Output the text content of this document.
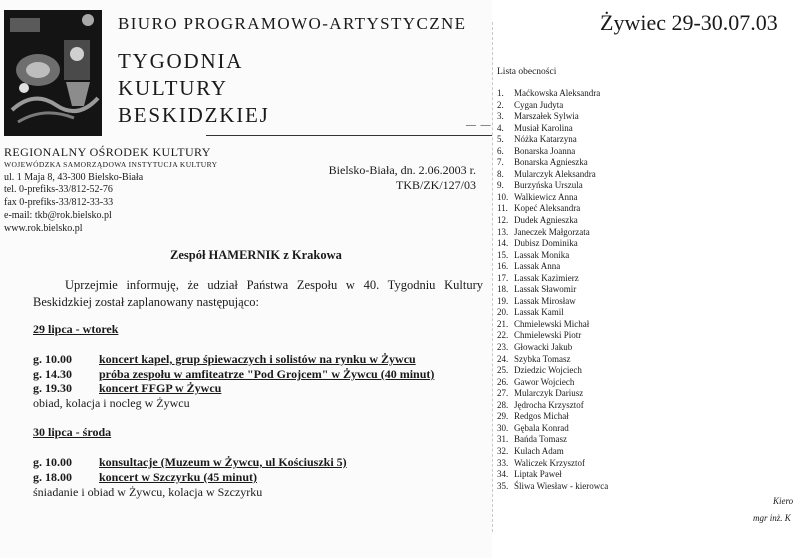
BIURO PROGRAMOWO-ARTYSTYCZNE
TYGODNIA
KULTURY
BESKIDZKIEJ	— —
REGIONALNY OŚRODEK KULTURY
WOJEWÓDZKA SAMORZĄDOWA INSTYTUCJA KULTURY
ul. 1 Maja 8, 43-300 Bielsko-Biała
tel. 0-prefiks-33/812-52-76
fax 0-prefiks-33/812-33-33
e-mail: tkb@rok.bielsko.pl
www.rok.bielsko.pl
Bielsko-Biała, dn. 2.06.2003 r.
TKB/ZK/127/03
Zespół HAMERNIK z Krakowa
Uprzejmie informuję, że udział Państwa Zespołu w 40. Tygodniu Kultury Beskidzkiej został zaplanowany następująco:
29 lipca - wtorek
g. 10.00 koncert kapel, grup śpiewaczych i solistów na rynku w Żywcu
g. 14.30 próba zespołu w amfiteatrze "Pod Grojcem" w Żywcu (40 minut)
g. 19.30 koncert FFGP w Żywcu
obiad, kolacja i nocleg w Żywcu
30 lipca - środa
g. 10.00 konsultacje (Muzeum w Żywcu, ul Kościuszki 5)
g. 18.00 koncert w Szczyrku (45 minut)
śniadanie i obiad w Żywcu, kolacja w Szczyrku
Żywiec 29-30.07.03
Lista obecności
1. Maćkowska Aleksandra
2. Cygan Judyta
3. Marszałek Sylwia
4. Musiał Karolina
5. Nóżka Katarzyna
6. Bonarska Joanna
7. Bonarska Agnieszka
8. Mularczyk Aleksandra
9. Burzyńska Urszula
10. Walkiewicz Anna
11. Kopeć Aleksandra
12. Dudek Agnieszka
13. Janeczek Małgorzata
14. Dubisz Dominika
15. Lassak Monika
16. Lassak Anna
17. Lassak Kazimierz
18. Lassak Sławomir
19. Lassak Mirosław
20. Lassak Kamil
21. Chmielewski Michał
22. Chmielewski Piotr
23. Głowacki Jakub
24. Szybka Tomasz
25. Dziedzic Wojciech
26. Gawor Wojciech
27. Mularczyk Dariusz
28. Jędrocha Krzysztof
29. Redgos Michał
30. Gębala Konrad
31. Bańda Tomasz
32. Kulach Adam
33. Waliczek Krzysztof
34. Liptak Paweł
35. Śliwa Wiesław - kierowca
Kiero
mgr inż. K
